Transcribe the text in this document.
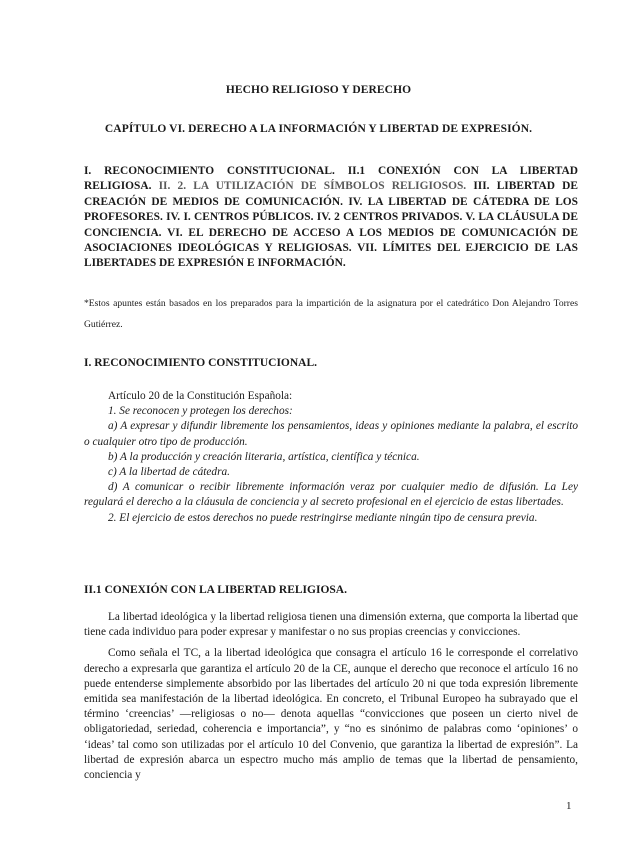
HECHO RELIGIOSO Y DERECHO
CAPÍTULO VI. DERECHO A LA INFORMACIÓN Y LIBERTAD DE EXPRESIÓN.
I. RECONOCIMIENTO CONSTITUCIONAL. II.1 CONEXIÓN CON LA LIBERTAD RELIGIOSA. II. 2. LA UTILIZACIÓN DE SÍMBOLOS RELIGIOSOS. III. LIBERTAD DE CREACIÓN DE MEDIOS DE COMUNICACIÓN. IV. LA LIBERTAD DE CÁTEDRA DE LOS PROFESORES. IV. I. CENTROS PÚBLICOS. IV. 2 CENTROS PRIVADOS. V. LA CLÁUSULA DE CONCIENCIA. VI. EL DERECHO DE ACCESO A LOS MEDIOS DE COMUNICACIÓN DE ASOCIACIONES IDEOLÓGICAS Y RELIGIOSAS. VII. LÍMITES DEL EJERCICIO DE LAS LIBERTADES DE EXPRESIÓN E INFORMACIÓN.
*Estos apuntes están basados en los preparados para la impartición de la asignatura por el catedrático Don Alejandro Torres Gutiérrez.
I. RECONOCIMIENTO CONSTITUCIONAL.

Artículo 20 de la Constitución Española:

1. Se reconocen y protegen los derechos:

a) A expresar y difundir libremente los pensamientos, ideas y opiniones mediante la palabra, el escrito o cualquier otro tipo de producción.

b) A la producción y creación literaria, artística, científica y técnica.

c) A la libertad de cátedra.

d) A comunicar o recibir libremente información veraz por cualquier medio de difusión. La Ley regulará el derecho a la cláusula de conciencia y al secreto profesional en el ejercicio de estas libertades.

2. El ejercicio de estos derechos no puede restringirse mediante ningún tipo de censura previa.

II.1 CONEXIÓN CON LA LIBERTAD RELIGIOSA.

La libertad ideológica y la libertad religiosa tienen una dimensión externa, que comporta la libertad que tiene cada individuo para poder expresar y manifestar o no sus propias creencias y convicciones.

Como señala el TC, a la libertad ideológica que consagra el artículo 16 le corresponde el correlativo derecho a expresarla que garantiza el artículo 20 de la CE, aunque el derecho que reconoce el artículo 16 no puede entenderse simplemente absorbido por las libertades del artículo 20 ni que toda expresión libremente emitida sea manifestación de la libertad ideológica. En concreto, el Tribunal Europeo ha subrayado que el término ‘creencias’ —religiosas o no— denota aquellas “convicciones que poseen un cierto nivel de obligatoriedad, seriedad, coherencia e importancia”, y “no es sinónimo de palabras como ‘opiniones’ o ‘ideas’ tal como son utilizadas por el artículo 10 del Convenio, que garantiza la libertad de expresión”. La libertad de expresión abarca un espectro mucho más amplio de temas que la libertad de pensamiento, conciencia y

1
